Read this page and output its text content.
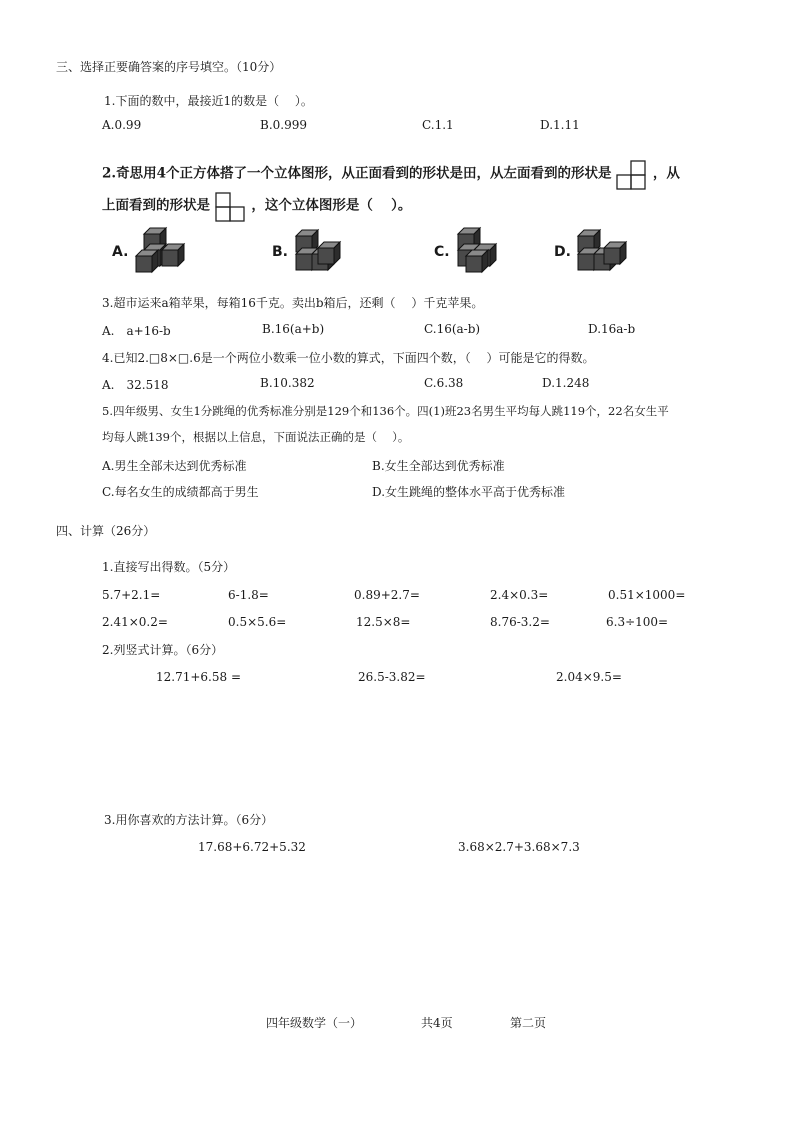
三、选择正要确答案的序号填空。（10分）
1.下面的数中，最接近1的数是（　 ）。
A.0.99	B.0.999	C.1.1	D.1.11
2.奇思用4个正方体搭了一个立体图形，从正面看到的形状是田，从左面看到的形状是	，从
上面看到的形状是	，这个立体图形是（　 ）。
A.	B.	C.	D.
3.超市运来a箱苹果，每箱16千克。卖出b箱后，还剩（　 ）千克苹果。
A.　a+16-b	B.16(a+b)	C.16(a-b)	D.16a-b
4.已知2.□8×□.6是一个两位小数乘一位小数的算式，下面四个数，（　 ）可能是它的得数。
A.　32.518	B.10.382	C.6.38	D.1.248
5.四年级男、女生1分跳绳的优秀标准分别是129个和136个。四(1)班23名男生平均每人跳119个，22名女生平
均每人跳139个，根据以上信息，下面说法正确的是（　 ）。
A.男生全部未达到优秀标准	B.女生全部达到优秀标准
C.每名女生的成绩都高于男生	D.女生跳绳的整体水平高于优秀标准
四、计算（26分）
1.直接写出得数。（5分）
5.7+2.1=	6-1.8=	0.89+2.7=	2.4×0.3=	0.51×1000=
2.41×0.2=	0.5×5.6=	12.5×8=	8.76-3.2=	6.3÷100=
2.列竖式计算。（6分）
12.71+6.58 =	26.5-3.82=	2.04×9.5=
3.用你喜欢的方法计算。（6分）
17.68+6.72+5.32	3.68×2.7+3.68×7.3
四年级数学（一）	共4页	第二页
